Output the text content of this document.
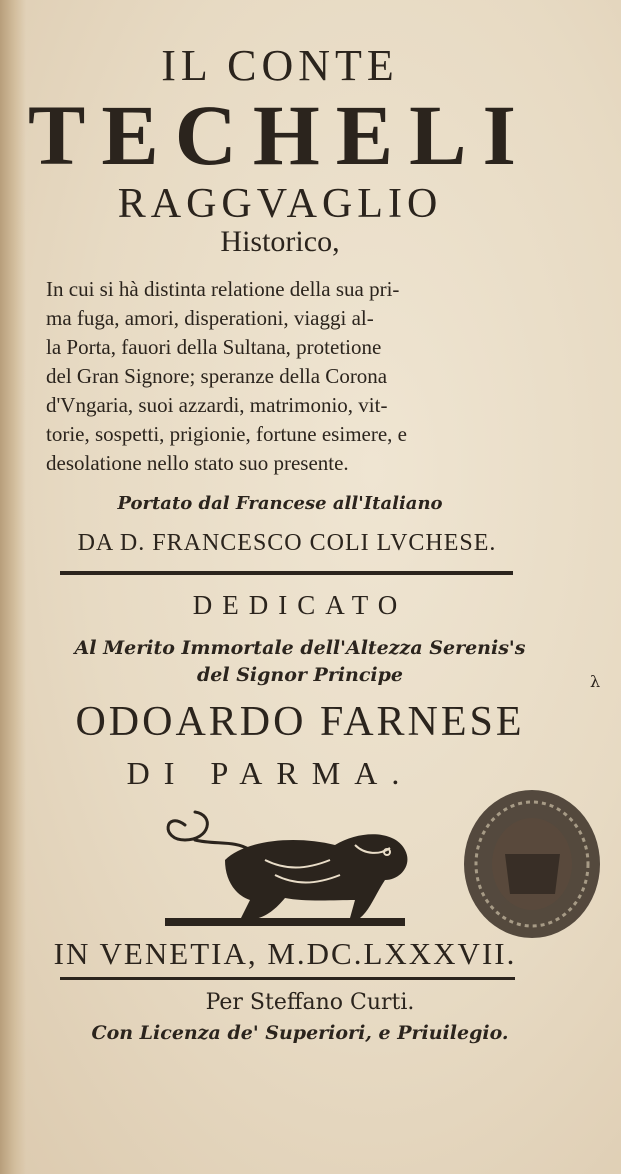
IL CONTE
TECHELI
RAGGVAGLIO
Historico,
In cui si hà distinta relatione della sua pri-
ma fuga, amori, disperationi, viaggi al-
la Porta, fauori della Sultana, protetione
del Gran Signore; speranze della Corona
d'Vngaria, suoi azzardi, matrimonio, vit-
torie, sospetti, prigionie, fortune esimere, e
desolatione nello stato suo presente.
Portato dal Francese all'Italiano
DA D. FRANCESCO COLI LVCHESE.
DEDICATO
Al Merito Immortale dell'Altezza Serenis's
del Signor Principe	λ
ODOARDO FARNESE
DI PARMA.
IN VENETIA, M.DC.LXXXVII.
Per Steffano Curti.
Con Licenza de' Superiori, e Priuilegio.
